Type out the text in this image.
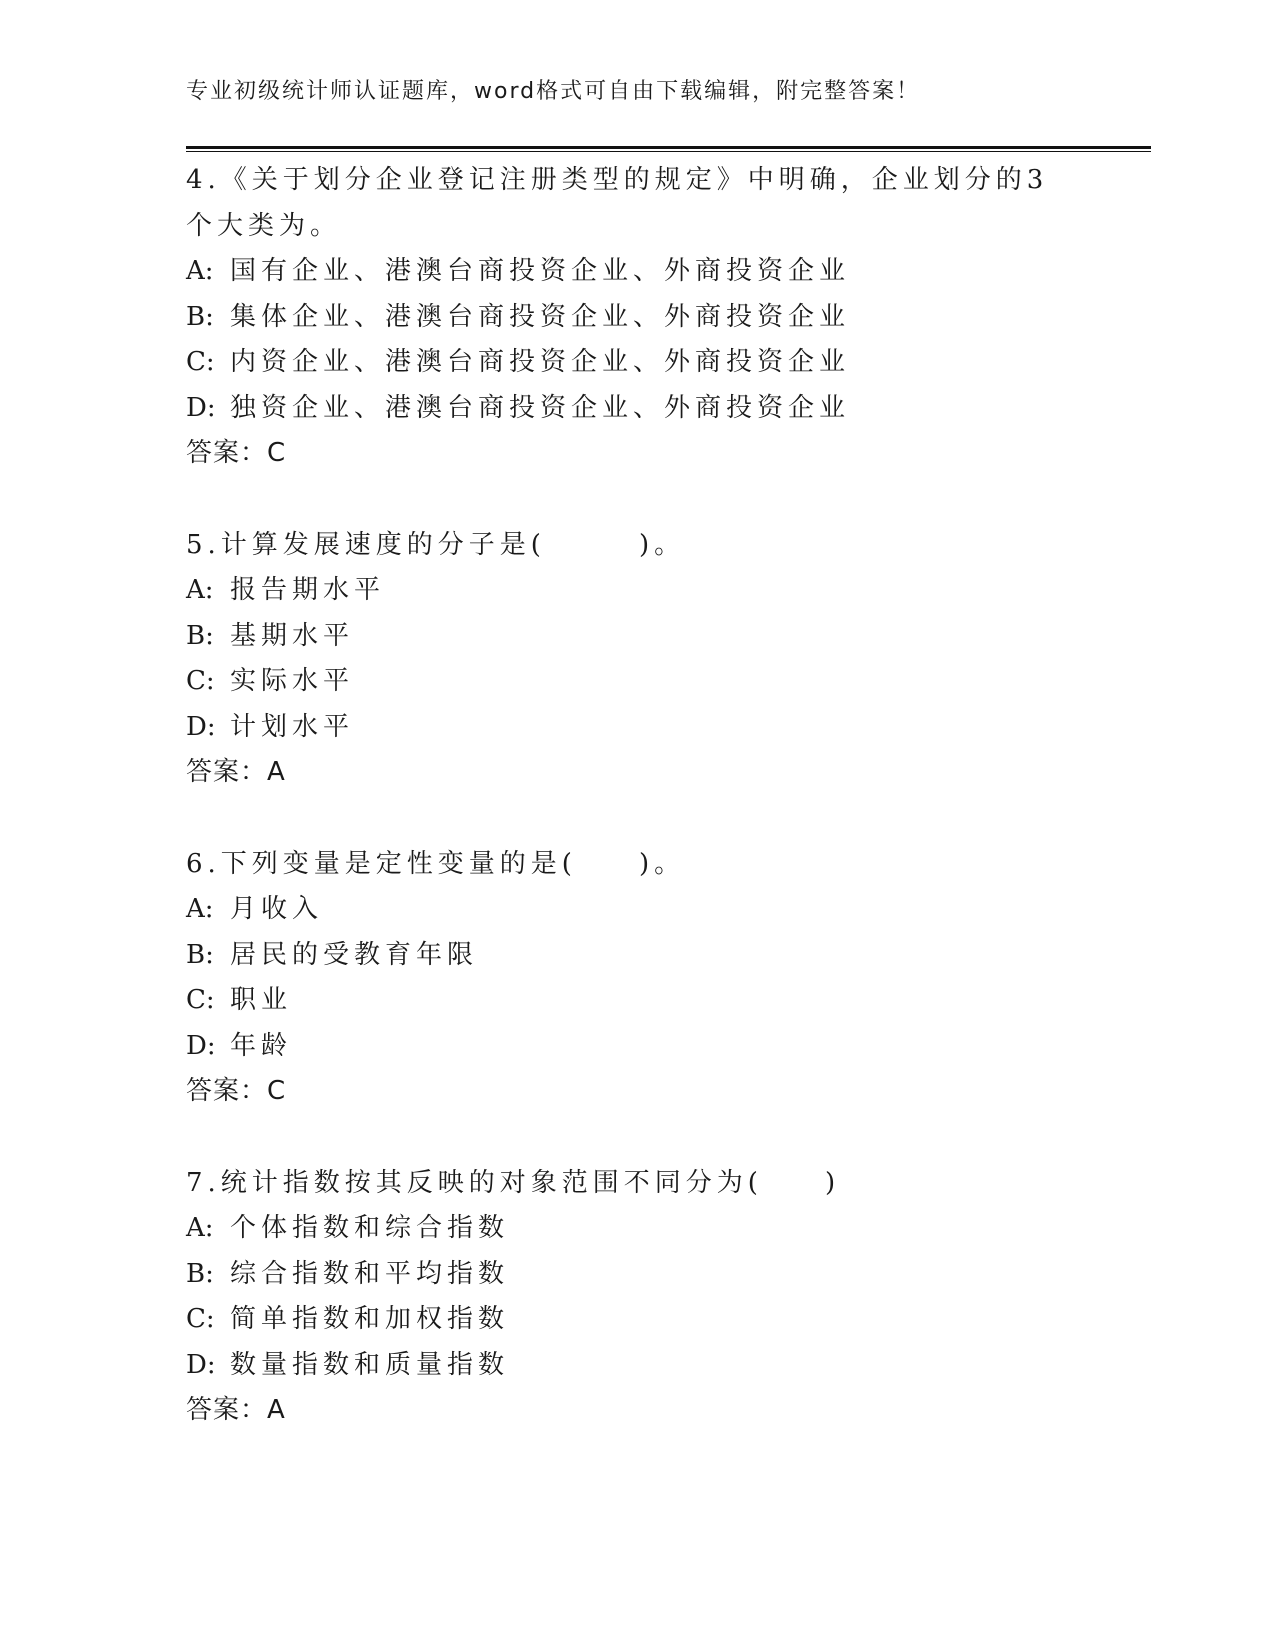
专业初级统计师认证题库，word格式可自由下载编辑，附完整答案！
4.《关于划分企业登记注册类型的规定》中明确，企业划分的3个大类为。
A: 国有企业、港澳台商投资企业、外商投资企业
B: 集体企业、港澳台商投资企业、外商投资企业
C: 内资企业、港澳台商投资企业、外商投资企业
D: 独资企业、港澳台商投资企业、外商投资企业
答案：C
5.计算发展速度的分子是(　　　)。
A: 报告期水平
B: 基期水平
C: 实际水平
D: 计划水平
答案：A
6.下列变量是定性变量的是(　　)。
A: 月收入
B: 居民的受教育年限
C: 职业
D: 年龄
答案：C
7.统计指数按其反映的对象范围不同分为(　　)
A: 个体指数和综合指数
B: 综合指数和平均指数
C: 简单指数和加权指数
D: 数量指数和质量指数
答案：A
